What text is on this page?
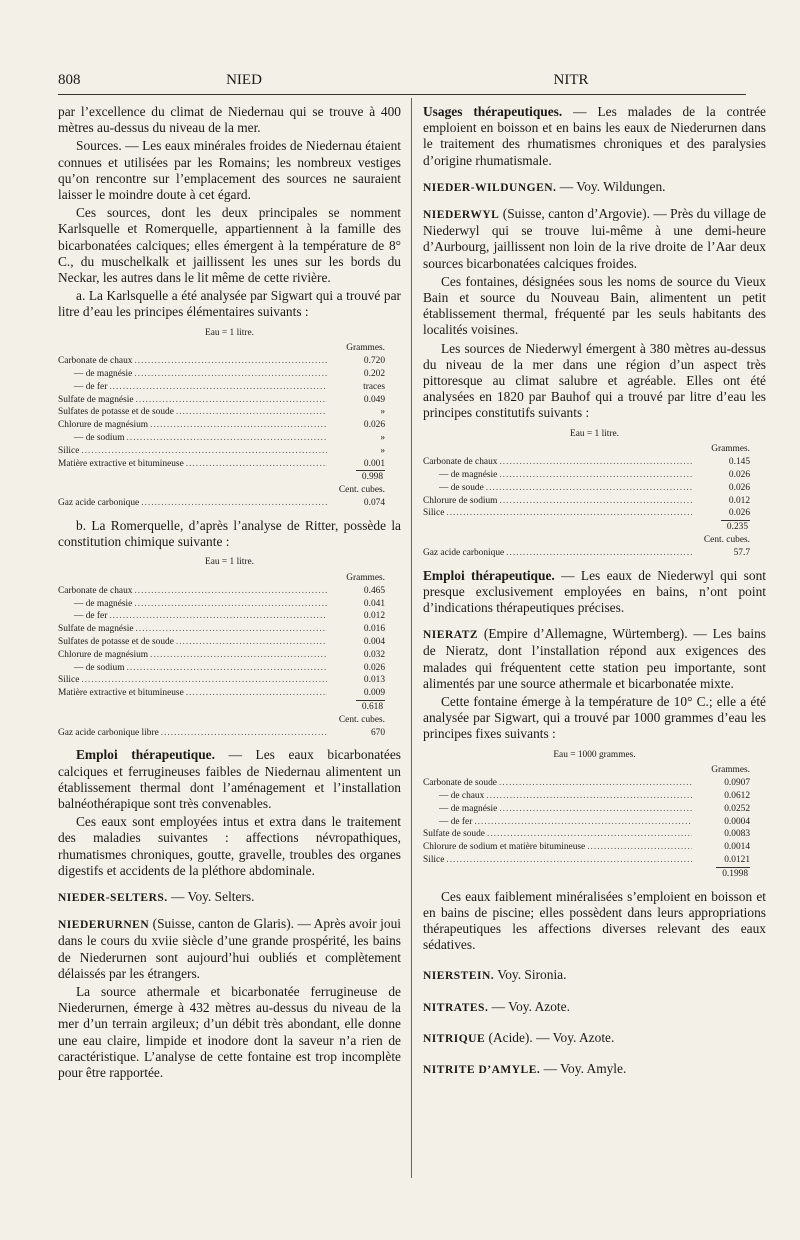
808	NIED	NITR

par l’excellence du climat de Niedernau qui se trouve à 400 mètres au-dessus du niveau de la mer.

Sources. — Les eaux minérales froides de Niedernau étaient connues et utilisées par les Romains; les nombreux vestiges qu’on rencontre sur l’emplacement des sources ne sauraient laisser le moindre doute à cet égard.

Ces sources, dont les deux principales se nomment Karlsquelle et Romerquelle, appartiennent à la famille des bicarbonatées calciques; elles émergent à la température de 8° C., du muschelkalk et jaillissent les unes sur les bords du Neckar, les autres dans le lit même de cette rivière.

a. La Karlsquelle a été analysée par Sigwart qui a trouvé par litre d’eau les principes élémentaires suivants :

Eau = 1 litre.
Grammes.
Carbonate de chaux .....	0.720
— de magnésie .....	0.202
— de fer .....	traces
Sulfate de magnésie .....	0.049
Sulfates de potasse et de soude .....	»
Chlorure de magnésium .....	0.026
— de sodium .....	»
Silice .....	»
Matière extractive et bitumineuse .....	0.001
0.998
Cent. cubes.
Gaz acide carbonique .....	0.074

b. La Romerquelle, d’après l’analyse de Ritter, possède la constitution chimique suivante :

Eau = 1 litre.
Grammes.
Carbonate de chaux .....	0.465
— de magnésie .....	0.041
— de fer .....	0.012
Sulfate de magnésie .....	0.016
Sulfates de potasse et de soude .....	0.004
Chlorure de magnésium .....	0.032
— de sodium .....	0.026
Silice .....	0.013
Matière extractive et bitumineuse .....	0.009
0.618
Cent. cubes.
Gaz acide carbonique libre .....	670

Emploi thérapeutique. — Les eaux bicarbonatées calciques et ferrugineuses faibles de Niedernau alimentent un établissement thermal dont l’aménagement et l’installation balnéothérapique sont très convenables.

Ces eaux sont employées intus et extra dans le traitement des maladies suivantes : affections névropathiques, rhumatismes chroniques, goutte, gravelle, troubles des organes digestifs et accidents de la pléthore abdominale.

NIEDER-SELTERS. — Voy. Selters.

NIEDERURNEN (Suisse, canton de Glaris). — Après avoir joui dans le cours du xviie siècle d’une grande prospérité, les bains de Niederurnen sont aujourd’hui oubliés et complètement délaissés par les étrangers.

La source athermale et bicarbonatée ferrugineuse de Niederurnen, émerge à 432 mètres au-dessus du niveau de la mer d’un terrain argileux; d’un débit très abondant, elle donne une eau claire, limpide et inodore dont la saveur n’a rien de caractéristique. L’analyse de cette fontaine est trop incomplète pour être rapportée.

Usages thérapeutiques. — Les malades de la contrée emploient en boisson et en bains les eaux de Niederurnen dans le traitement des rhumatismes chroniques et des paralysies d’origine rhumatismale.

NIEDER-WILDUNGEN. — Voy. Wildungen.

NIEDERWYL (Suisse, canton d’Argovie). — Près du village de Niederwyl qui se trouve lui-même à une demi-heure d’Aurbourg, jaillissent non loin de la rive droite de l’Aar deux sources bicarbonatées calciques froides.

Ces fontaines, désignées sous les noms de source du Vieux Bain et source du Nouveau Bain, alimentent un petit établissement thermal, fréquenté par les seuls habitants des localités voisines.

Les sources de Niederwyl émergent à 380 mètres au-dessus du niveau de la mer dans une région d’un aspect très pittoresque au climat salubre et agréable. Elles ont été analysées en 1820 par Bauhof qui a trouvé par litre d’eau les principes constitutifs suivants :

Eau = 1 litre.
Grammes.
Carbonate de chaux .....	0.145
— de magnésie .....	0.026
— de soude .....	0.026
Chlorure de sodium .....	0.012
Silice .....	0.026
0.235
Cent. cubes.
Gaz acide carbonique .....	57.7

Emploi thérapeutique. — Les eaux de Niederwyl qui sont presque exclusivement employées en bains, n’ont point d’indications thérapeutiques précises.

NIERATZ (Empire d’Allemagne, Würtemberg). — Les bains de Nieratz, dont l’installation répond aux exigences des malades qui fréquentent cette station peu importante, sont alimentés par une source athermale et bicarbonatée mixte.

Cette fontaine émerge à la température de 10° C.; elle a été analysée par Sigwart, qui a trouvé par 1000 grammes d’eau les principes fixes suivants :

Eau = 1000 grammes.
Grammes.
Carbonate de soude .....	0.0907
— de chaux .....	0.0612
— de magnésie .....	0.0252
— de fer .....	0.0004
Sulfate de soude .....	0.0083
Chlorure de sodium et matière bitumineuse .....	0.0014
Silice .....	0.0121
0.1998

Ces eaux faiblement minéralisées s’emploient en boisson et en bains de piscine; elles possèdent dans leurs appropriations thérapeutiques les affections diverses relevant des eaux sédatives.

NIERSTEIN. Voy. Sironia.

NITRATES. — Voy. Azote.

NITRIQUE (Acide). — Voy. Azote.

NITRITE D’AMYLE. — Voy. Amyle.
